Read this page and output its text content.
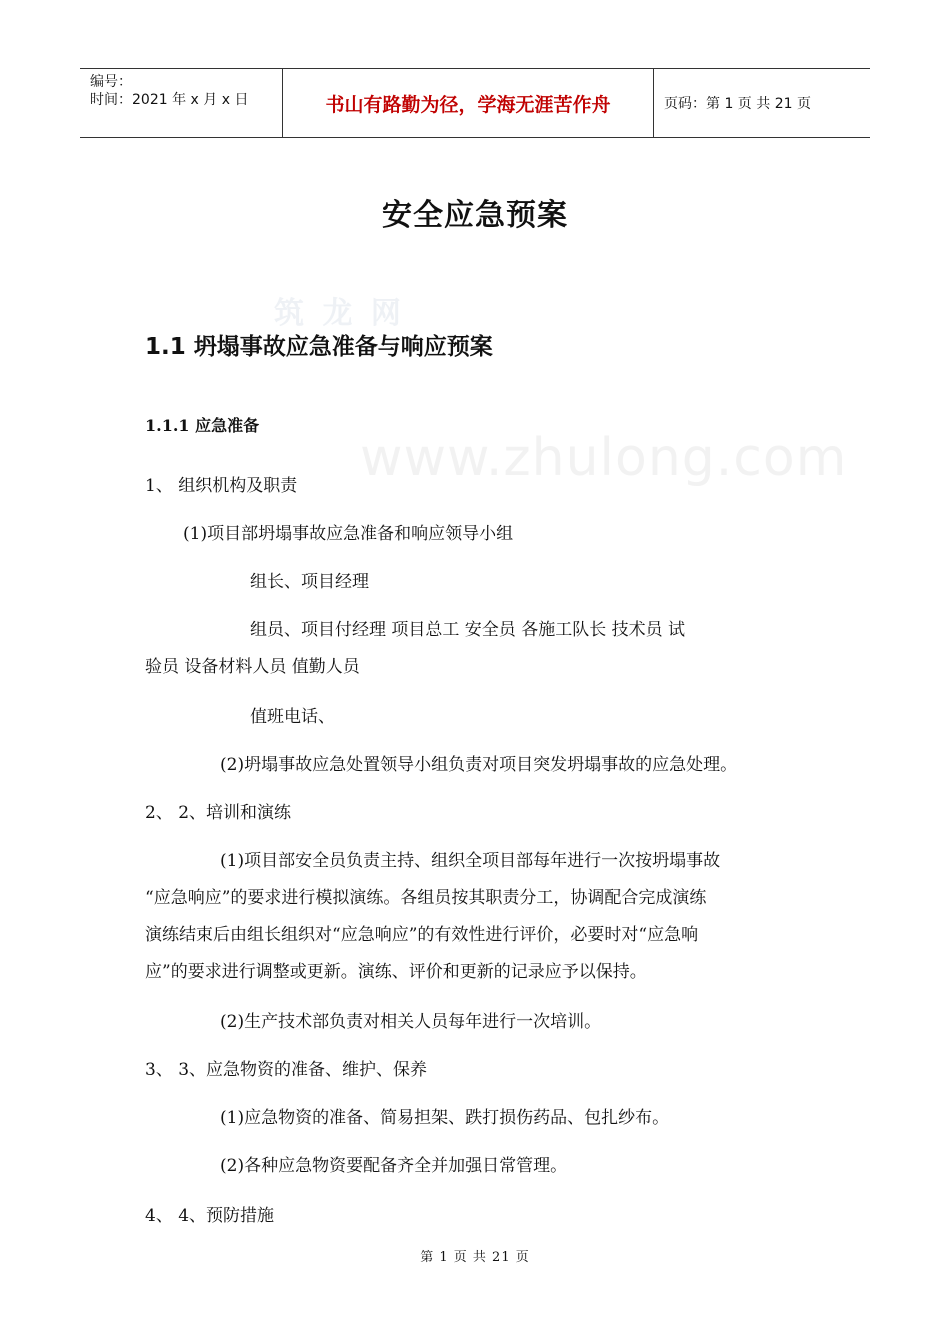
编号：
时间：2021 年 x 月 x 日	书山有路勤为径，学海无涯苦作舟	页码：第 1 页 共 21 页
安全应急预案
筑 龙 网
www.zhulong.com
1.1 坍塌事故应急准备与响应预案
1.1.1 应急准备
1、 组织机构及职责
(1)项目部坍塌事故应急准备和响应领导小组
组长、项目经理
组员、项目付经理 项目总工 安全员 各施工队长 技术员 试
验员 设备材料人员 值勤人员
值班电话、
(2)坍塌事故应急处置领导小组负责对项目突发坍塌事故的应急处理。
2、 2、培训和演练
(1)项目部安全员负责主持、组织全项目部每年进行一次按坍塌事故
“应急响应”的要求进行模拟演练。各组员按其职责分工，协调配合完成演练
演练结束后由组长组织对“应急响应”的有效性进行评价，必要时对“应急响
应”的要求进行调整或更新。演练、评价和更新的记录应予以保持。
(2)生产技术部负责对相关人员每年进行一次培训。
3、 3、应急物资的准备、维护、保养
(1)应急物资的准备、简易担架、跌打损伤药品、包扎纱布。
(2)各种应急物资要配备齐全并加强日常管理。
4、 4、预防措施
第 1 页 共 21 页
